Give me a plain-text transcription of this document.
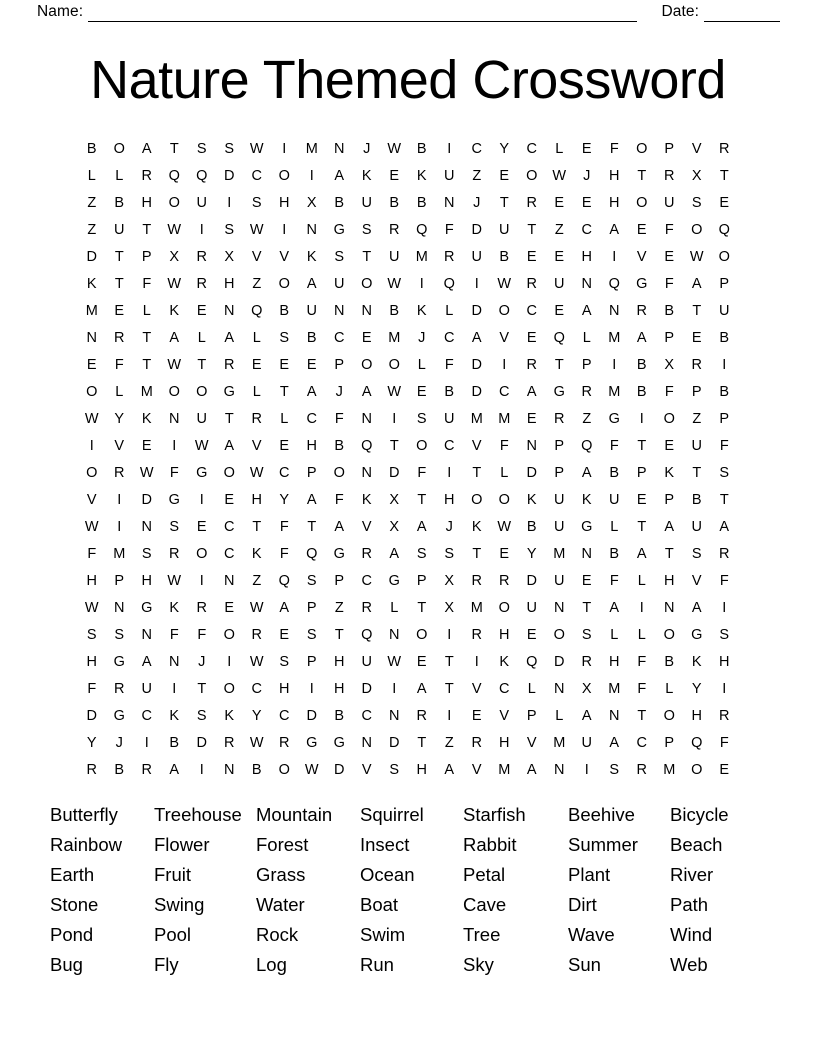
Name:	Date:
Nature Themed Crossword
B	O	A	T	S	S	W	I	M	N	J	W	B	I	C	Y	C	L	E	F	O	P	V	R
L	L	R	Q	Q	D	C	O	I	A	K	E	K	U	Z	E	O	W	J	H	T	R	X	T
Z	B	H	O	U	I	S	H	X	B	U	B	B	N	J	T	R	E	E	H	O	U	S	E
Z	U	T	W	I	S	W	I	N	G	S	R	Q	F	D	U	T	Z	C	A	E	F	O	Q
D	T	P	X	R	X	V	V	K	S	T	U	M	R	U	B	E	E	H	I	V	E	W	O
K	T	F	W	R	H	Z	O	A	U	O	W	I	Q	I	W	R	U	N	Q	G	F	A	P
M	E	L	K	E	N	Q	B	U	N	N	B	K	L	D	O	C	E	A	N	R	B	T	U
N	R	T	A	L	A	L	S	B	C	E	M	J	C	A	V	E	Q	L	M	A	P	E	B
E	F	T	W	T	R	E	E	E	P	O	O	L	F	D	I	R	T	P	I	B	X	R	I
O	L	M	O	O	G	L	T	A	J	A	W	E	B	D	C	A	G	R	M	B	F	P	B
W	Y	K	N	U	T	R	L	C	F	N	I	S	U	M	M	E	R	Z	G	I	O	Z	P
I	V	E	I	W	A	V	E	H	B	Q	T	O	C	V	F	N	P	Q	F	T	E	U	F
O	R	W	F	G	O	W	C	P	O	N	D	F	I	T	L	D	P	A	B	P	K	T	S
V	I	D	G	I	E	H	Y	A	F	K	X	T	H	O	O	K	U	K	U	E	P	B	T
W	I	N	S	E	C	T	F	T	A	V	X	A	J	K	W	B	U	G	L	T	A	U	A
F	M	S	R	O	C	K	F	Q	G	R	A	S	S	T	E	Y	M	N	B	A	T	S	R
H	P	H	W	I	N	Z	Q	S	P	C	G	P	X	R	R	D	U	E	F	L	H	V	F
W	N	G	K	R	E	W	A	P	Z	R	L	T	X	M	O	U	N	T	A	I	N	A	I
S	S	N	F	F	O	R	E	S	T	Q	N	O	I	R	H	E	O	S	L	L	O	G	S
H	G	A	N	J	I	W	S	P	H	U	W	E	T	I	K	Q	D	R	H	F	B	K	H
F	R	U	I	T	O	C	H	I	H	D	I	A	T	V	C	L	N	X	M	F	L	Y	I
D	G	C	K	S	K	Y	C	D	B	C	N	R	I	E	V	P	L	A	N	T	O	H	R
Y	J	I	B	D	R	W	R	G	G	N	D	T	Z	R	H	V	M	U	A	C	P	Q	F
R	B	R	A	I	N	B	O	W	D	V	S	H	A	V	M	A	N	I	S	R	M	O	E
Butterfly	Treehouse	Mountain	Squirrel	Starfish	Beehive	Bicycle
Rainbow	Flower	Forest	Insect	Rabbit	Summer	Beach
Earth	Fruit	Grass	Ocean	Petal	Plant	River
Stone	Swing	Water	Boat	Cave	Dirt	Path
Pond	Pool	Rock	Swim	Tree	Wave	Wind
Bug	Fly	Log	Run	Sky	Sun	Web
